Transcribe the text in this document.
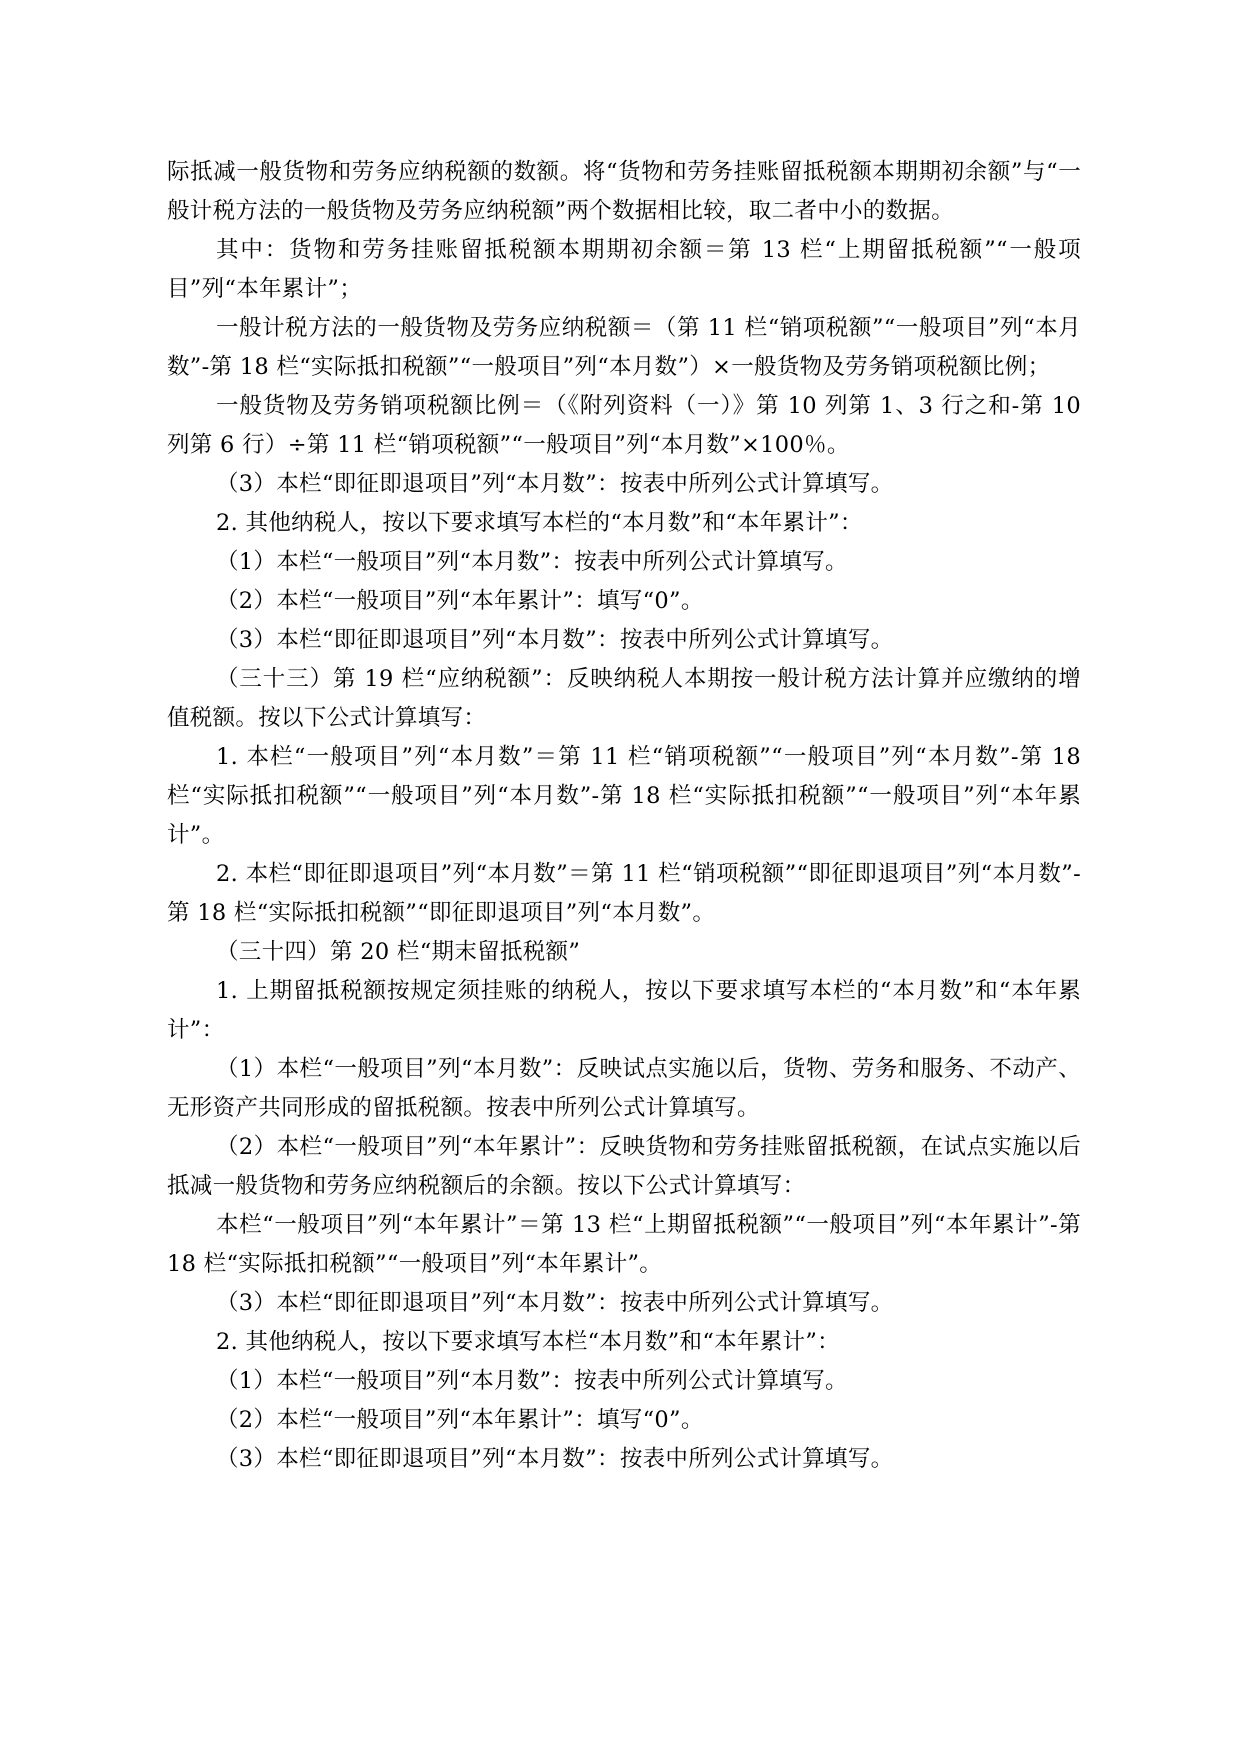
际抵减一般货物和劳务应纳税额的数额。将“货物和劳务挂账留抵税额本期期初余额”与“一般计税方法的一般货物及劳务应纳税额”两个数据相比较，取二者中小的数据。

其中：货物和劳务挂账留抵税额本期期初余额＝第 13 栏“上期留抵税额”“一般项目”列“本年累计”；

一般计税方法的一般货物及劳务应纳税额＝（第 11 栏“销项税额”“一般项目”列“本月数”-第 18 栏“实际抵扣税额”“一般项目”列“本月数”）×一般货物及劳务销项税额比例；

一般货物及劳务销项税额比例＝（《附列资料（一）》第 10 列第 1、3 行之和-第 10 列第 6 行）÷第 11 栏“销项税额”“一般项目”列“本月数”×100％。

（3）本栏“即征即退项目”列“本月数”：按表中所列公式计算填写。

2. 其他纳税人，按以下要求填写本栏的“本月数”和“本年累计”：

（1）本栏“一般项目”列“本月数”：按表中所列公式计算填写。

（2）本栏“一般项目”列“本年累计”：填写“0”。

（3）本栏“即征即退项目”列“本月数”：按表中所列公式计算填写。

（三十三）第 19 栏“应纳税额”：反映纳税人本期按一般计税方法计算并应缴纳的增值税额。按以下公式计算填写：

1. 本栏“一般项目”列“本月数”＝第 11 栏“销项税额”“一般项目”列“本月数”-第 18 栏“实际抵扣税额”“一般项目”列“本月数”-第 18 栏“实际抵扣税额”“一般项目”列“本年累计”。

2. 本栏“即征即退项目”列“本月数”＝第 11 栏“销项税额”“即征即退项目”列“本月数”-第 18 栏“实际抵扣税额”“即征即退项目”列“本月数”。

（三十四）第 20 栏“期末留抵税额”

1. 上期留抵税额按规定须挂账的纳税人，按以下要求填写本栏的“本月数”和“本年累计”：

（1）本栏“一般项目”列“本月数”：反映试点实施以后，货物、劳务和服务、不动产、无形资产共同形成的留抵税额。按表中所列公式计算填写。

（2）本栏“一般项目”列“本年累计”：反映货物和劳务挂账留抵税额，在试点实施以后抵减一般货物和劳务应纳税额后的余额。按以下公式计算填写：

本栏“一般项目”列“本年累计”＝第 13 栏“上期留抵税额”“一般项目”列“本年累计”-第 18 栏“实际抵扣税额”“一般项目”列“本年累计”。

（3）本栏“即征即退项目”列“本月数”：按表中所列公式计算填写。

2. 其他纳税人，按以下要求填写本栏“本月数”和“本年累计”：

（1）本栏“一般项目”列“本月数”：按表中所列公式计算填写。

（2）本栏“一般项目”列“本年累计”：填写“0”。

（3）本栏“即征即退项目”列“本月数”：按表中所列公式计算填写。
